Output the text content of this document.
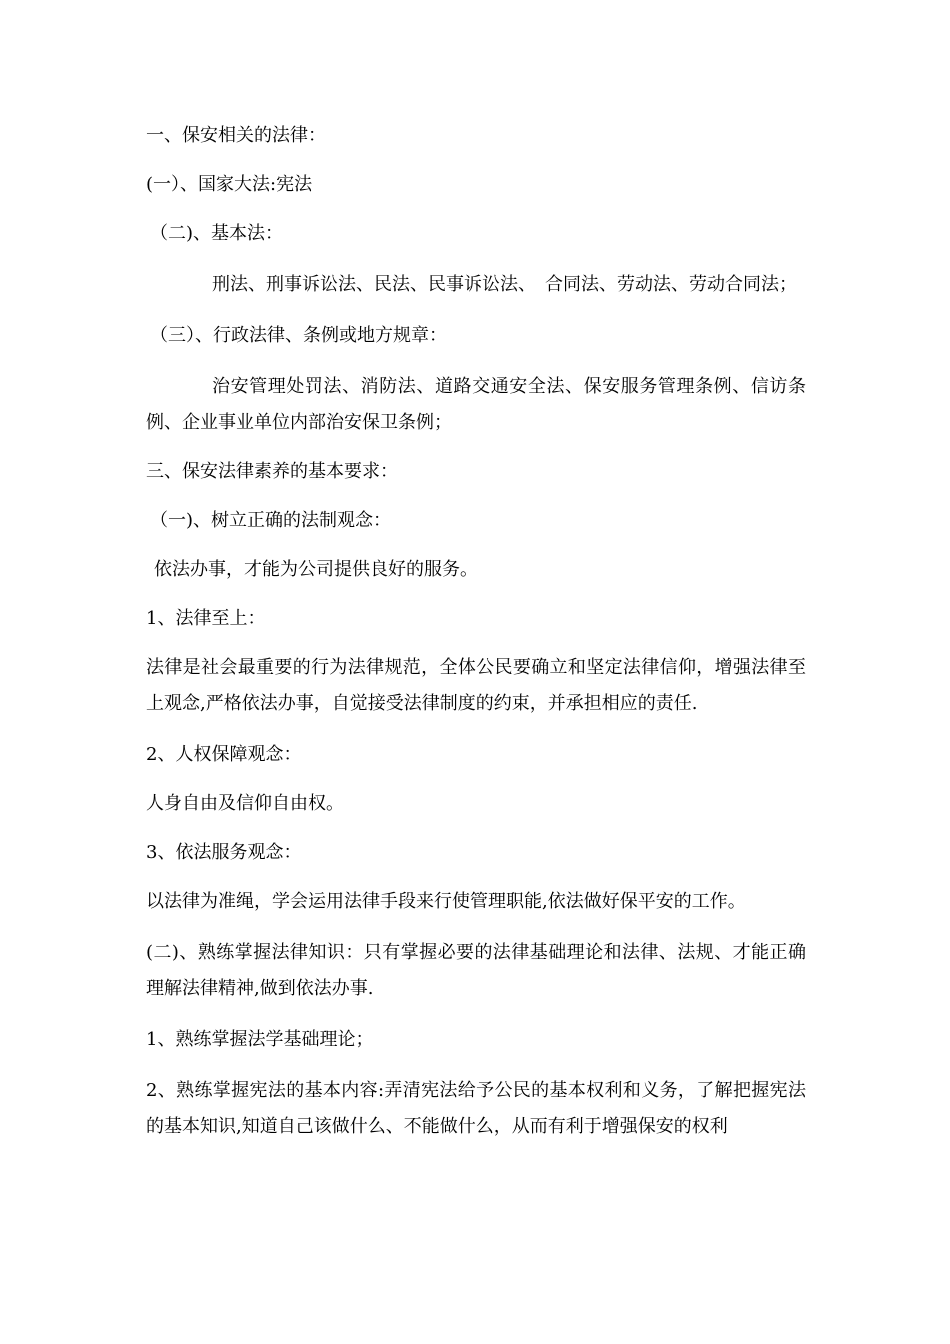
一、保安相关的法律：

(一）、国家大法:宪法

（二)、基本法：

刑法、刑事诉讼法、民法、民事诉讼法、　合同法、劳动法、劳动合同法；

（三）、行政法律、条例或地方规章：

治安管理处罚法、消防法、道路交通安全法、保安服务管理条例、信访条例、企业事业单位内部治安保卫条例；

三、保安法律素养的基本要求：

（一)、树立正确的法制观念：

依法办事，才能为公司提供良好的服务。

1、法律至上：

法律是社会最重要的行为法律规范，全体公民要确立和坚定法律信仰，增强法律至上观念,严格依法办事，自觉接受法律制度的约束，并承担相应的责任.

2、人权保障观念：

人身自由及信仰自由权。

3、依法服务观念：

以法律为准绳，学会运用法律手段来行使管理职能,依法做好保平安的工作。

(二)、熟练掌握法律知识：只有掌握必要的法律基础理论和法律、法规、才能正确理解法律精神,做到依法办事.

1、熟练掌握法学基础理论；

2、熟练掌握宪法的基本内容:弄清宪法给予公民的基本权利和义务，了解把握宪法的基本知识,知道自己该做什么、不能做什么，从而有利于增强保安的权利
